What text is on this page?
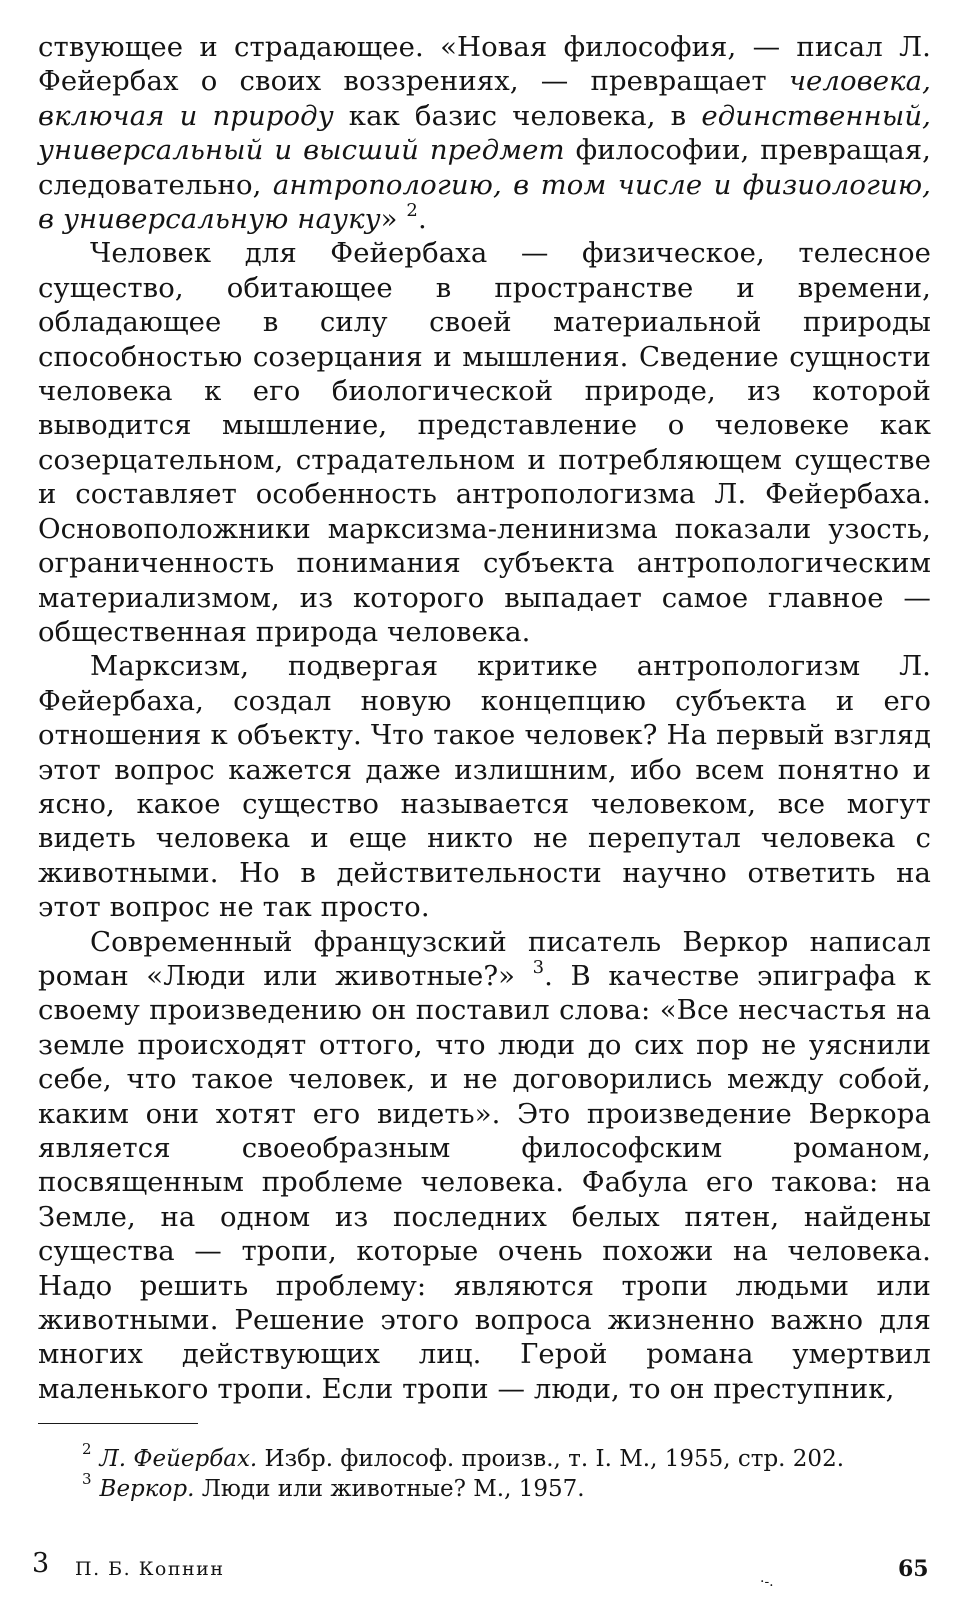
ствующее и страдающее. «Новая философия, — писал Л. Фейербах о своих воззрениях, — превращает человека, включая и природу как базис человека, в единственный, универсальный и высший предмет философии, превращая, следовательно, антропологию, в том числе и физиологию, в универсальную науку» $^2$.

Человек для Фейербаха — физическое, телесное существо, обитающее в пространстве и времени, обладающее в силу своей материальной природы способностью созерцания и мышления. Сведение сущности человека к его биологической природе, из которой выводится мышление, представление о человеке как созерцательном, страдательном и потребляющем существе и составляет особенность антропологизма Л. Фейербаха. Основоположники марксизма-ленинизма показали узость, ограниченность понимания субъекта антропологическим материализмом, из которого выпадает самое главное — общественная природа человека.

Марксизм, подвергая критике антропологизм Л. Фейербаха, создал новую концепцию субъекта и его отношения к объекту. Что такое человек? На первый взгляд этот вопрос кажется даже излишним, ибо всем понятно и ясно, какое существо называется человеком, все могут видеть человека и еще никто не перепутал человека с животными. Но в действительности научно ответить на этот вопрос не так просто.

Современный французский писатель Веркор написал роман «Люди или животные?» $^3$. В качестве эпиграфа к своему произведению он поставил слова: «Все несчастья на земле происходят оттого, что люди до сих пор не уяснили себе, что такое человек, и не договорились между собой, каким они хотят его видеть». Это произведение Веркора является своеобразным философским романом, посвященным проблеме человека. Фабула его такова: на Земле, на одном из последних белых пятен, найдены существа — тропи, которые очень похожи на человека. Надо решить проблему: являются тропи людьми или животными. Решение этого вопроса жизненно важно для многих действующих лиц. Герой романа умертвил маленького тропи. Если тропи — люди, то он преступник,

$^2$ Л. Фейербах. Избр. философ. произв., т. I. М., 1955, стр. 202.

$^3$ Веркор. Люди или животные? М., 1957.

3 П. Б. Копнин
·-.	65
